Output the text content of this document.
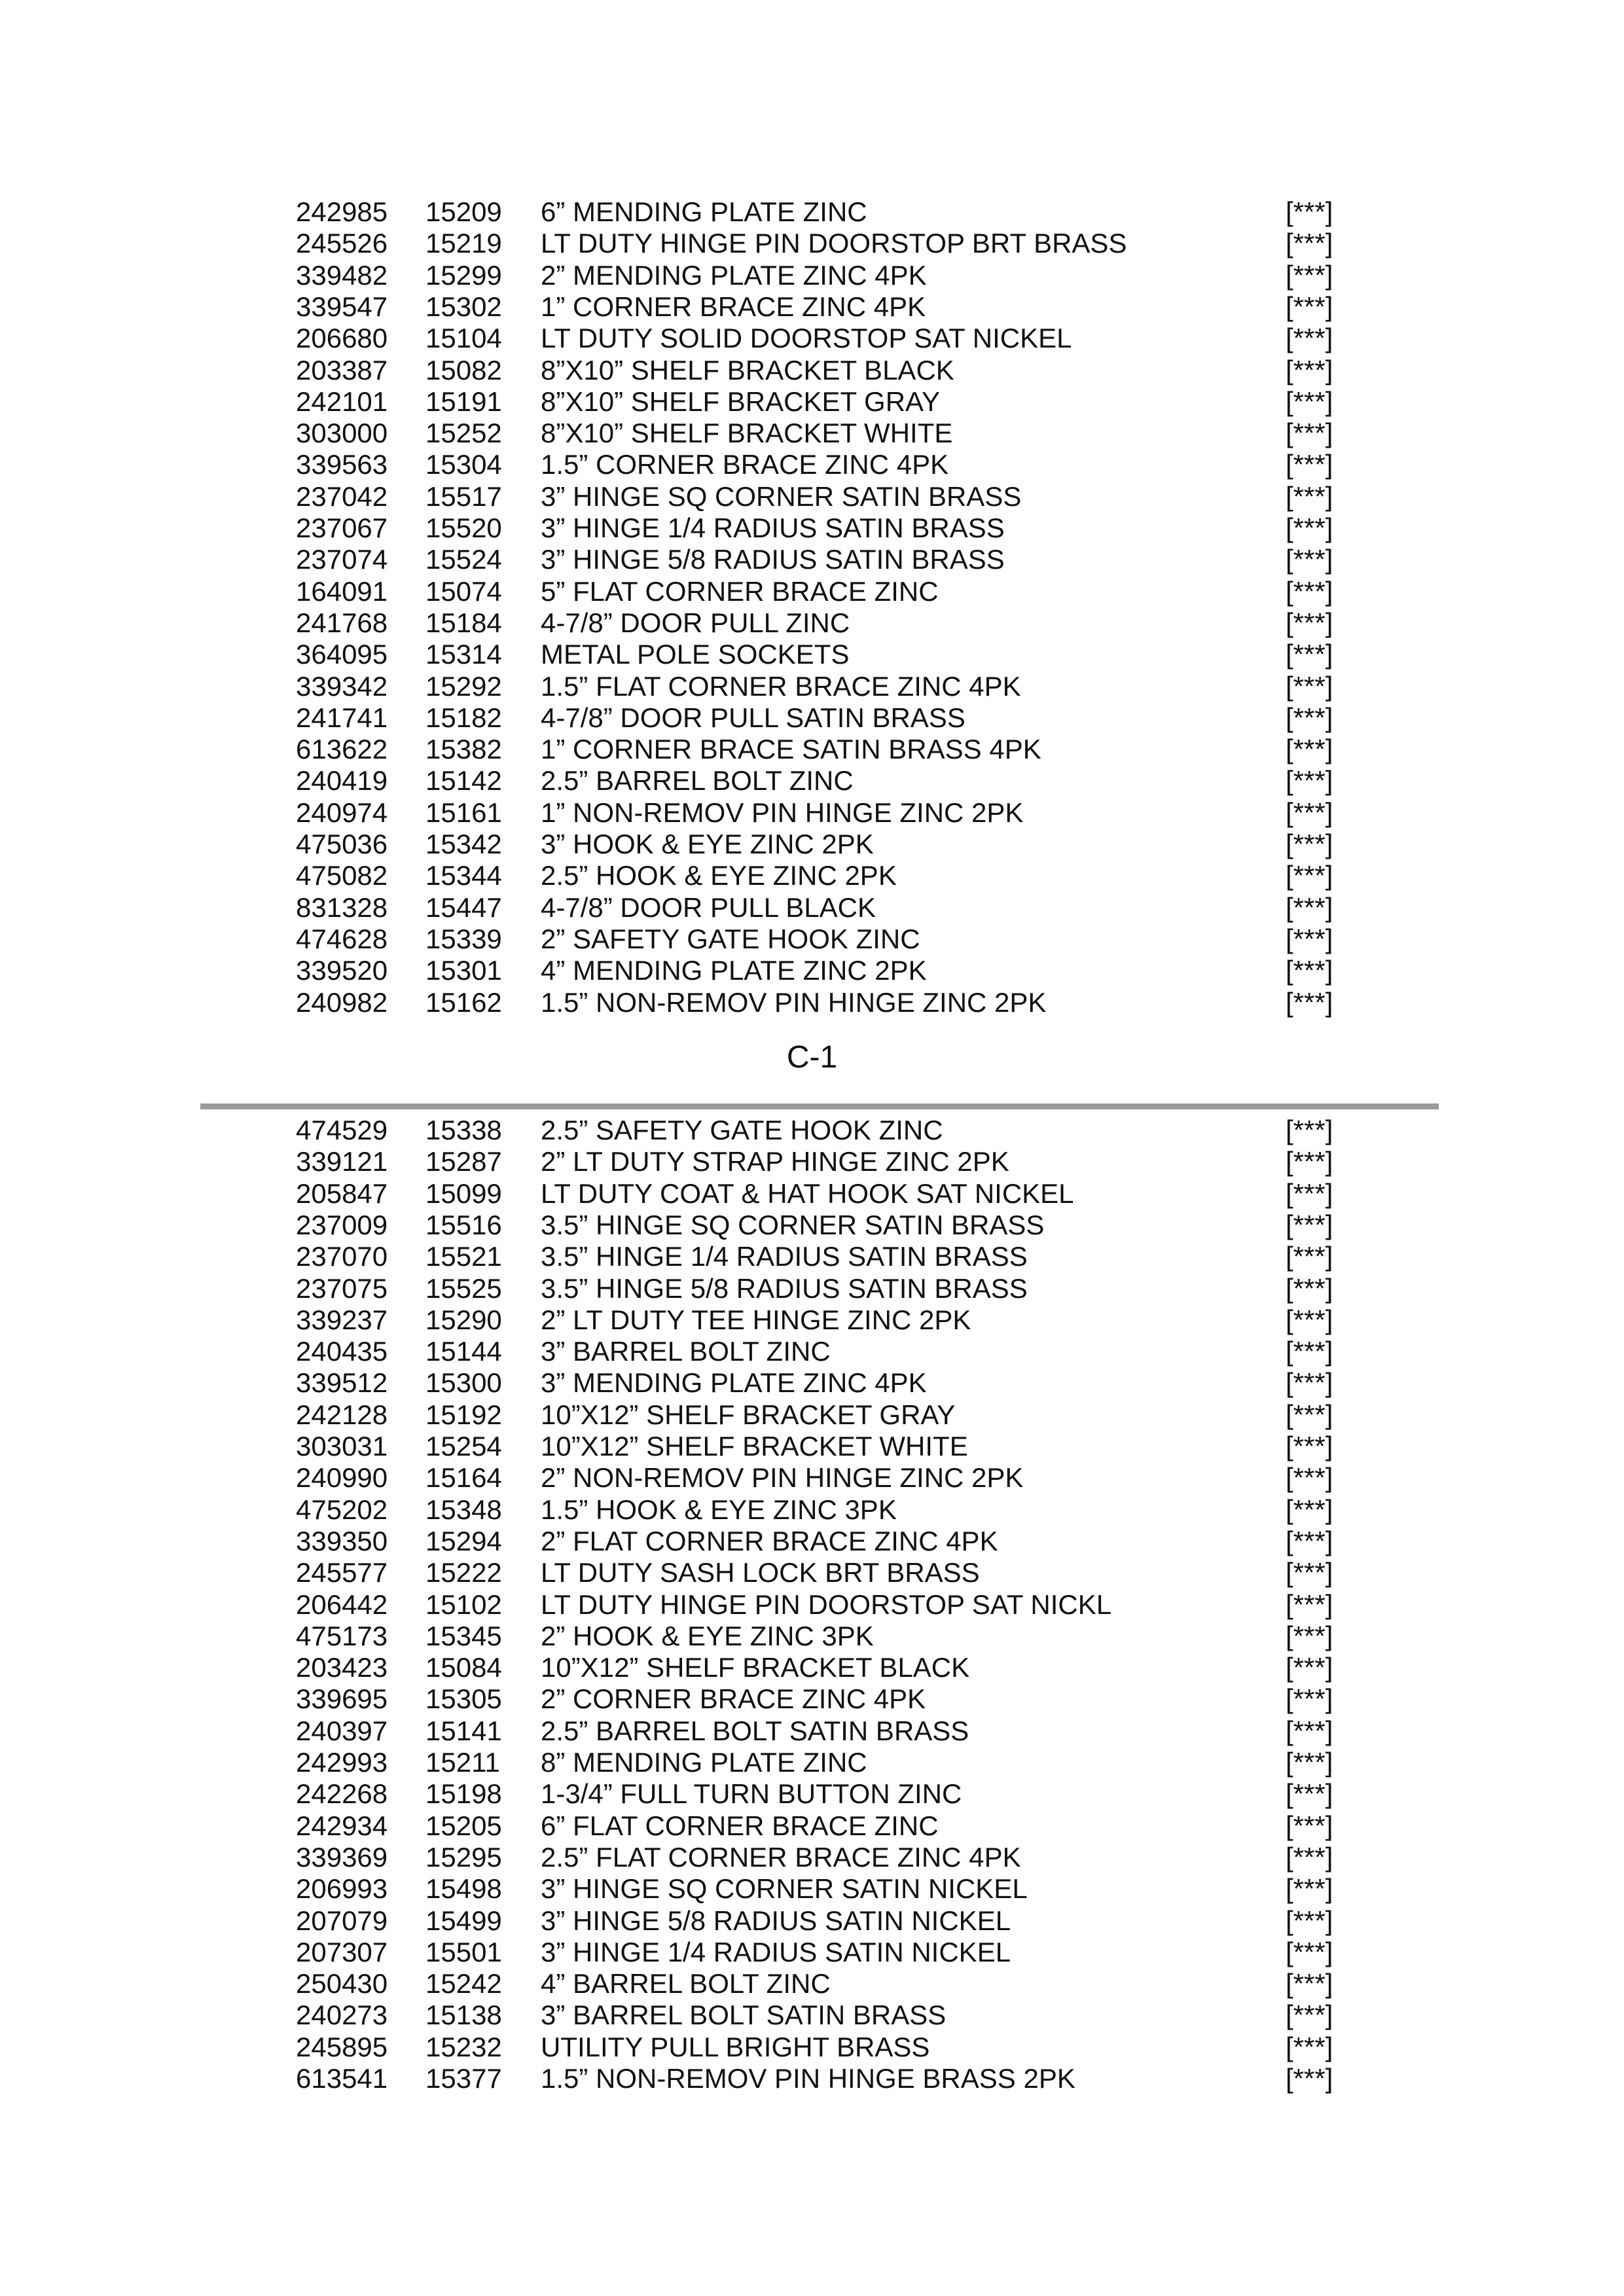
242985 15209 6” MENDING PLATE ZINC	[***]
245526 15219 LT DUTY HINGE PIN DOORSTOP BRT BRASS	[***]
339482 15299 2” MENDING PLATE ZINC 4PK	[***]
339547 15302 1” CORNER BRACE ZINC 4PK	[***]
206680 15104 LT DUTY SOLID DOORSTOP SAT NICKEL	[***]
203387 15082 8”X10” SHELF BRACKET BLACK	[***]
242101 15191 8”X10” SHELF BRACKET GRAY	[***]
303000 15252 8”X10” SHELF BRACKET WHITE	[***]
339563 15304 1.5” CORNER BRACE ZINC 4PK	[***]
237042 15517 3” HINGE SQ CORNER SATIN BRASS	[***]
237067 15520 3” HINGE 1/4 RADIUS SATIN BRASS	[***]
237074 15524 3” HINGE 5/8 RADIUS SATIN BRASS	[***]
164091 15074 5” FLAT CORNER BRACE ZINC	[***]
241768 15184 4-7/8” DOOR PULL ZINC	[***]
364095 15314 METAL POLE SOCKETS	[***]
339342 15292 1.5” FLAT CORNER BRACE ZINC 4PK	[***]
241741 15182 4-7/8” DOOR PULL SATIN BRASS	[***]
613622 15382 1” CORNER BRACE SATIN BRASS 4PK	[***]
240419 15142 2.5” BARREL BOLT ZINC	[***]
240974 15161 1” NON-REMOV PIN HINGE ZINC 2PK	[***]
475036 15342 3” HOOK & EYE ZINC 2PK	[***]
475082 15344 2.5” HOOK & EYE ZINC 2PK	[***]
831328 15447 4-7/8” DOOR PULL BLACK	[***]
474628 15339 2” SAFETY GATE HOOK ZINC	[***]
339520 15301 4” MENDING PLATE ZINC 2PK	[***]
240982 15162 1.5” NON-REMOV PIN HINGE ZINC 2PK	[***]
C-1
474529 15338 2.5” SAFETY GATE HOOK ZINC	[***]
339121 15287 2” LT DUTY STRAP HINGE ZINC 2PK	[***]
205847 15099 LT DUTY COAT & HAT HOOK SAT NICKEL	[***]
237009 15516 3.5” HINGE SQ CORNER SATIN BRASS	[***]
237070 15521 3.5” HINGE 1/4 RADIUS SATIN BRASS	[***]
237075 15525 3.5” HINGE 5/8 RADIUS SATIN BRASS	[***]
339237 15290 2” LT DUTY TEE HINGE ZINC 2PK	[***]
240435 15144 3” BARREL BOLT ZINC	[***]
339512 15300 3” MENDING PLATE ZINC 4PK	[***]
242128 15192 10”X12” SHELF BRACKET GRAY	[***]
303031 15254 10”X12” SHELF BRACKET WHITE	[***]
240990 15164 2” NON-REMOV PIN HINGE ZINC 2PK	[***]
475202 15348 1.5” HOOK & EYE ZINC 3PK	[***]
339350 15294 2” FLAT CORNER BRACE ZINC 4PK	[***]
245577 15222 LT DUTY SASH LOCK BRT BRASS	[***]
206442 15102 LT DUTY HINGE PIN DOORSTOP SAT NICKL	[***]
475173 15345 2” HOOK & EYE ZINC 3PK	[***]
203423 15084 10”X12” SHELF BRACKET BLACK	[***]
339695 15305 2” CORNER BRACE ZINC 4PK	[***]
240397 15141 2.5” BARREL BOLT SATIN BRASS	[***]
242993 15211 8” MENDING PLATE ZINC	[***]
242268 15198 1-3/4” FULL TURN BUTTON ZINC	[***]
242934 15205 6” FLAT CORNER BRACE ZINC	[***]
339369 15295 2.5” FLAT CORNER BRACE ZINC 4PK	[***]
206993 15498 3” HINGE SQ CORNER SATIN NICKEL	[***]
207079 15499 3” HINGE 5/8 RADIUS SATIN NICKEL	[***]
207307 15501 3” HINGE 1/4 RADIUS SATIN NICKEL	[***]
250430 15242 4” BARREL BOLT ZINC	[***]
240273 15138 3” BARREL BOLT SATIN BRASS	[***]
245895 15232 UTILITY PULL BRIGHT BRASS	[***]
613541 15377 1.5” NON-REMOV PIN HINGE BRASS 2PK	[***]
